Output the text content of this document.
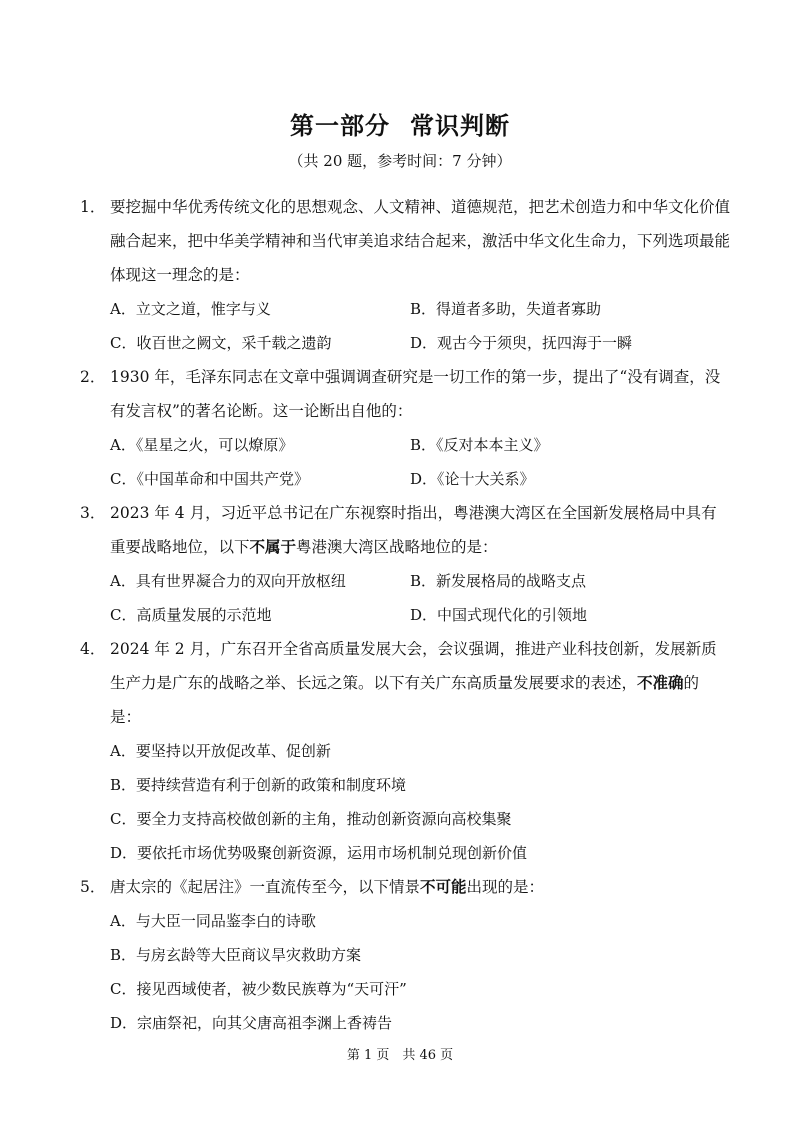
第一部分 常识判断
（共 20 题，参考时间：7 分钟）
1． 要挖掘中华优秀传统文化的思想观念、人文精神、道德规范，把艺术创造力和中华文化价值融合起来，把中华美学精神和当代审美追求结合起来，激活中华文化生命力，下列选项最能体现这一理念的是：
A．立文之道，惟字与义	B．得道者多助，失道者寡助
C．收百世之阙文，采千载之遗韵	D．观古今于须臾，抚四海于一瞬
2． 1930 年，毛泽东同志在文章中强调调查研究是一切工作的第一步，提出了“没有调查，没有发言权”的著名论断。这一论断出自他的：
A．《星星之火，可以燎原》	B．《反对本本主义》
C．《中国革命和中国共产党》	D．《论十大关系》
3． 2023 年 4 月，习近平总书记在广东视察时指出，粤港澳大湾区在全国新发展格局中具有重要战略地位，以下不属于粤港澳大湾区战略地位的是：
A．具有世界凝合力的双向开放枢纽	B．新发展格局的战略支点
C．高质量发展的示范地	D．中国式现代化的引领地
4． 2024 年 2 月，广东召开全省高质量发展大会，会议强调，推进产业科技创新，发展新质生产力是广东的战略之举、长远之策。以下有关广东高质量发展要求的表述，不准确的是：
A．要坚持以开放促改革、促创新
B．要持续营造有利于创新的政策和制度环境
C．要全力支持高校做创新的主角，推动创新资源向高校集聚
D．要依托市场优势吸聚创新资源，运用市场机制兑现创新价值
5． 唐太宗的《起居注》一直流传至今，以下情景不可能出现的是：
A．与大臣一同品鉴李白的诗歌
B．与房玄龄等大臣商议旱灾救助方案
C．接见西域使者，被少数民族尊为“天可汗”
D．宗庙祭祀，向其父唐高祖李渊上香祷告
第 1 页　共 46 页
